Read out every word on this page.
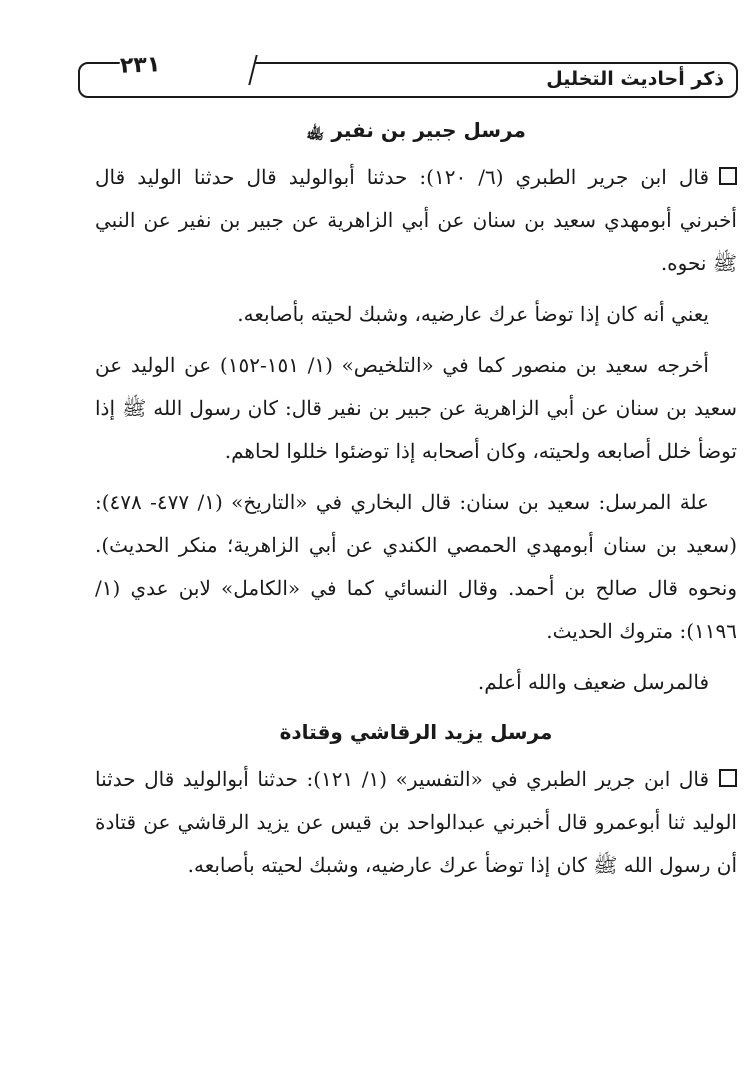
ذكر أحاديث التخليل
٢٣١
مرسل جبير بن نفير ﵀

قال ابن جرير الطبري (٦/ ١٢٠): حدثنا أبوالوليد قال حدثنا الوليد قال أخبرني أبومهدي سعيد بن سنان عن أبي الزاهرية عن جبير بن نفير عن النبي ﷺ نحوه.

يعني أنه كان إذا توضأ عرك عارضيه، وشبك لحيته بأصابعه.

أخرجه سعيد بن منصور كما في «التلخيص» (١/ ١٥١-١٥٢) عن الوليد عن سعيد بن سنان عن أبي الزاهرية عن جبير بن نفير قال: كان رسول الله ﷺ إذا توضأ خلل أصابعه ولحيته، وكان أصحابه إذا توضئوا خللوا لحاهم.

علة المرسل: سعيد بن سنان: قال البخاري في «التاريخ» (١/ ٤٧٧- ٤٧٨): (سعيد بن سنان أبومهدي الحمصي الكندي عن أبي الزاهرية؛ منكر الحديث). ونحوه قال صالح بن أحمد. وقال النسائي كما في «الكامل» لابن عدي (١/ ١١٩٦): متروك الحديث.

فالمرسل ضعيف والله أعلم.

مرسل يزيد الرقاشي وقتادة

قال ابن جرير الطبري في «التفسير» (١/ ١٢١): حدثنا أبوالوليد قال حدثنا الوليد ثنا أبوعمرو قال أخبرني عبدالواحد بن قيس عن يزيد الرقاشي عن قتادة أن رسول الله ﷺ كان إذا توضأ عرك عارضيه، وشبك لحيته بأصابعه.
